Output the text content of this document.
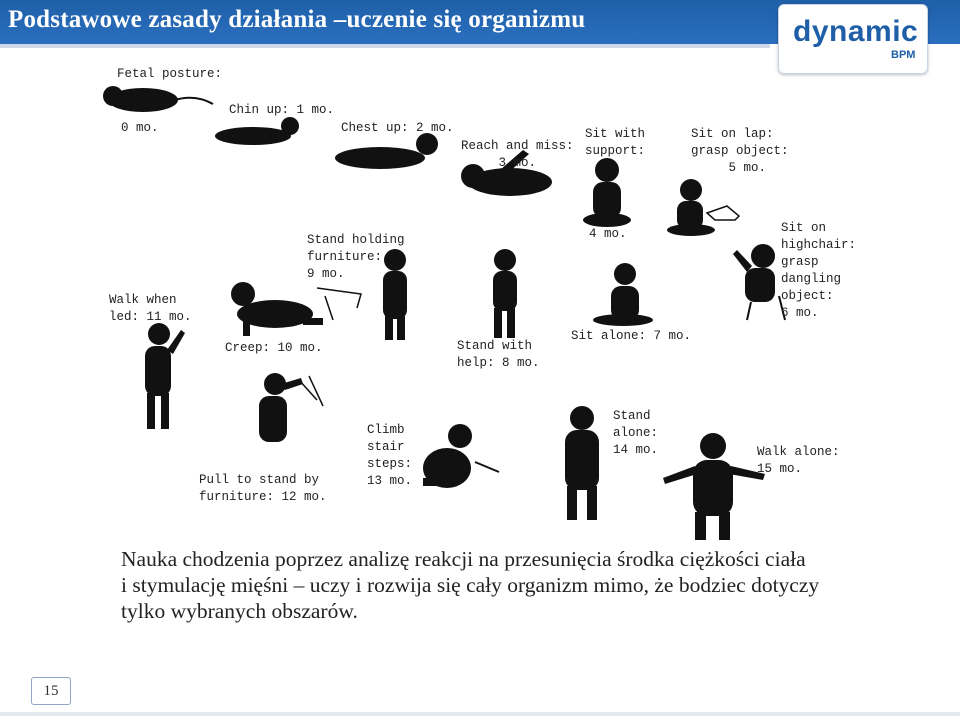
Podstawowe zasady działania –uczenie się organizmu	dynamic
BPM
Fetal posture:
0 mo.
Chin up: 1 mo.
Chest up: 2 mo.
Reach and miss:
3 mo.
Sit with
support:
4 mo.
Sit on lap:
grasp object:
5 mo.
Sit on
highchair:
grasp
dangling
object:
6 mo.
Stand holding
furniture:
9 mo.
Walk when
led: 11 mo.
Creep: 10 mo.	Stand with
help: 8 mo.
Sit alone: 7 mo.
Climb
stair
steps:
13 mo.
Stand
alone:
14 mo.	Walk alone:
15 mo.
Pull to stand by
furniture: 12 mo.
Nauka chodzenia poprzez analizę reakcji na przesunięcia środka ciężkości ciała
i stymulację mięśni – uczy i rozwija się cały organizm mimo, że bodziec dotyczy
tylko wybranych obszarów.
15
